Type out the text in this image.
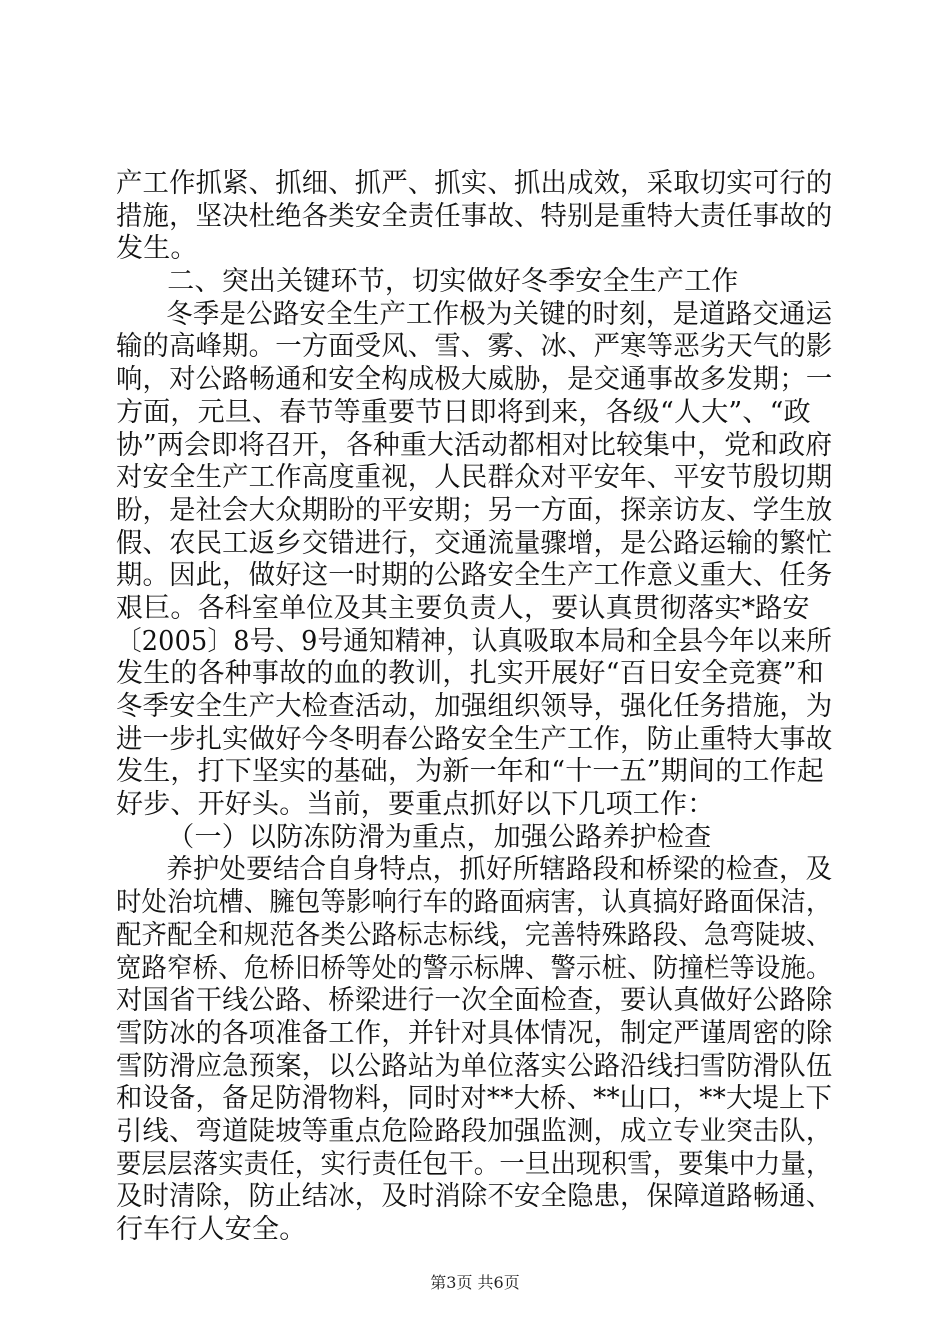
产工作抓紧、抓细、抓严、抓实、抓出成效，采取切实可行的
措施，坚决杜绝各类安全责任事故、特别是重特大责任事故的
发生。
二、突出关键环节，切实做好冬季安全生产工作
冬季是公路安全生产工作极为关键的时刻，是道路交通运
输的高峰期。一方面受风、雪、雾、冰、严寒等恶劣天气的影
响，对公路畅通和安全构成极大威胁，是交通事故多发期；一
方面，元旦、春节等重要节日即将到来，各级“人大”、“政
协”两会即将召开，各种重大活动都相对比较集中，党和政府
对安全生产工作高度重视，人民群众对平安年、平安节殷切期
盼，是社会大众期盼的平安期；另一方面，探亲访友、学生放
假、农民工返乡交错进行，交通流量骤增，是公路运输的繁忙
期。因此，做好这一时期的公路安全生产工作意义重大、任务
艰巨。各科室单位及其主要负责人，要认真贯彻落实*路安
〔2005〕8号、9号通知精神，认真吸取本局和全县今年以来所
发生的各种事故的血的教训，扎实开展好“百日安全竞赛”和
冬季安全生产大检查活动，加强组织领导，强化任务措施，为
进一步扎实做好今冬明春公路安全生产工作，防止重特大事故
发生，打下坚实的基础，为新一年和“十一五”期间的工作起
好步、开好头。当前，要重点抓好以下几项工作：
（一）以防冻防滑为重点，加强公路养护检查
养护处要结合自身特点，抓好所辖路段和桥梁的检查，及
时处治坑槽、臃包等影响行车的路面病害，认真搞好路面保洁，
配齐配全和规范各类公路标志标线，完善特殊路段、急弯陡坡、
宽路窄桥、危桥旧桥等处的警示标牌、警示桩、防撞栏等设施。
对国省干线公路、桥梁进行一次全面检查，要认真做好公路除
雪防冰的各项准备工作，并针对具体情况，制定严谨周密的除
雪防滑应急预案，以公路站为单位落实公路沿线扫雪防滑队伍
和设备，备足防滑物料，同时对**大桥、**山口，**大堤上下
引线、弯道陡坡等重点危险路段加强监测，成立专业突击队，
要层层落实责任，实行责任包干。一旦出现积雪，要集中力量，
及时清除，防止结冰，及时消除不安全隐患，保障道路畅通、
行车行人安全。
第3页 共6页
